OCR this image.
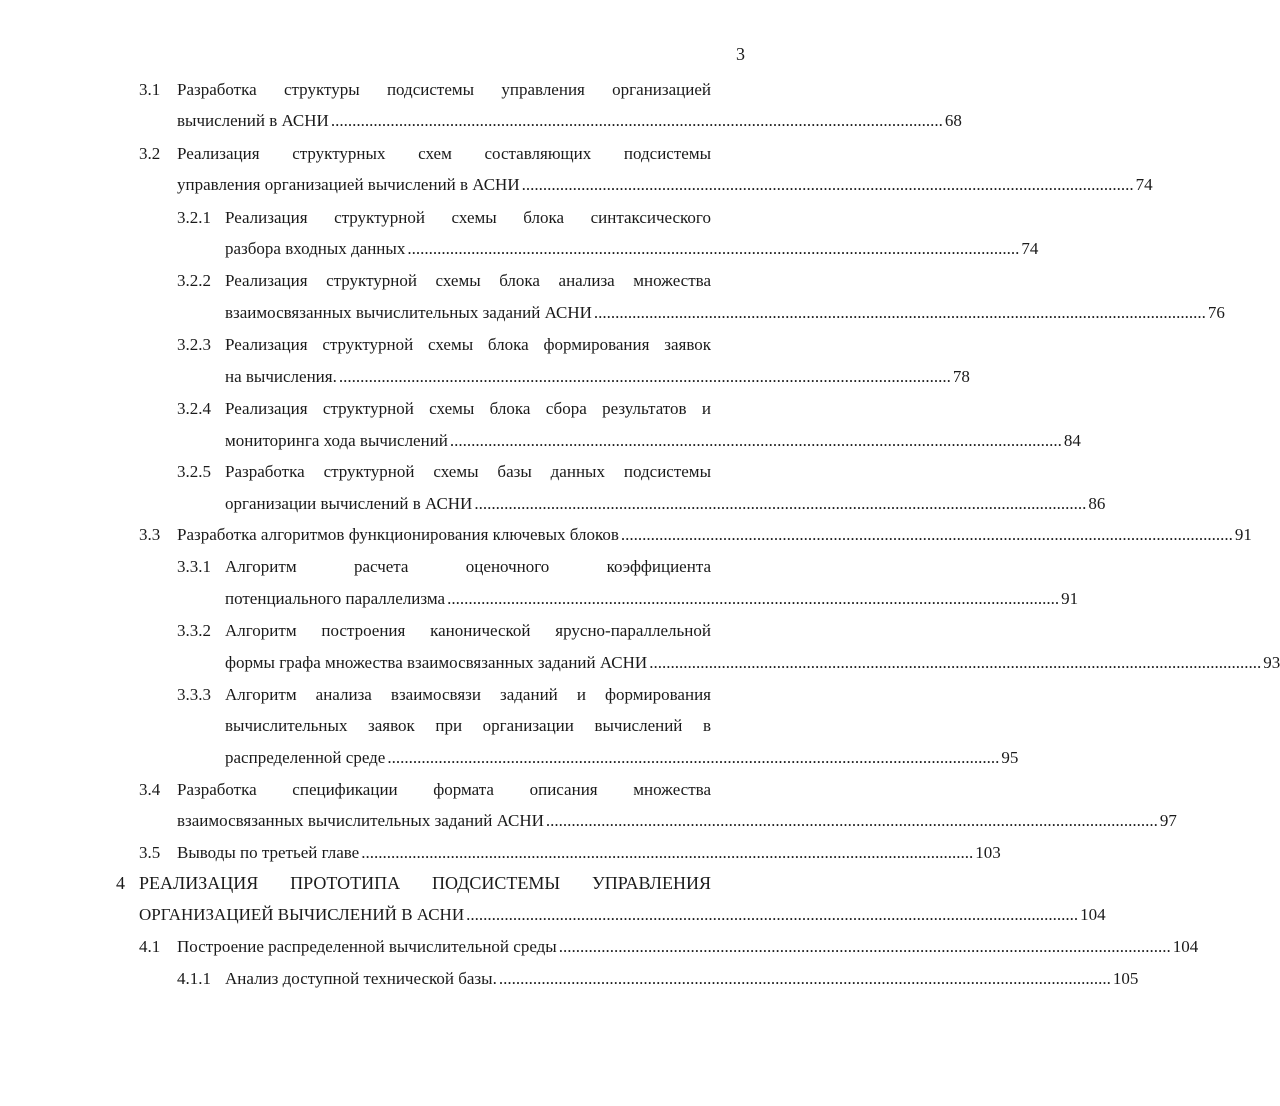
3
3.1 Разработка структуры подсистемы управления организацией
вычислений в АСНИ ................................................................................................................................................ 68
3.2 Реализация структурных схем составляющих подсистемы
управления организацией вычислений в АСНИ ................................................................................................................................................ 74
3.2.1 Реализация структурной схемы блока синтаксического
разбора входных данных ................................................................................................................................................ 74
3.2.2 Реализация структурной схемы блока анализа множества
взаимосвязанных вычислительных заданий АСНИ ................................................................................................................................................ 76
3.2.3 Реализация структурной схемы блока формирования заявок
на вычисления. ................................................................................................................................................ 78
3.2.4 Реализация структурной схемы блока сбора результатов и
мониторинга хода вычислений ................................................................................................................................................ 84
3.2.5 Разработка структурной схемы базы данных подсистемы
организации вычислений в АСНИ ................................................................................................................................................ 86
3.3 Разработка алгоритмов функционирования ключевых блоков ................................................................................................................................................ 91
3.3.1 Алгоритм расчета оценочного коэффициента
потенциального параллелизма ................................................................................................................................................ 91
3.3.2 Алгоритм построения канонической ярусно-параллельной
формы графа множества взаимосвязанных заданий АСНИ ................................................................................................................................................ 93
3.3.3 Алгоритм анализа взаимосвязи заданий и формирования
вычислительных заявок при организации вычислений в
распределенной среде ................................................................................................................................................ 95
3.4 Разработка спецификации формата описания множества
взаимосвязанных вычислительных заданий АСНИ ................................................................................................................................................ 97
3.5 Выводы по третьей главе ................................................................................................................................................ 103
4 РЕАЛИЗАЦИЯ ПРОТОТИПА ПОДСИСТЕМЫ УПРАВЛЕНИЯ
ОРГАНИЗАЦИЕЙ ВЫЧИСЛЕНИЙ В АСНИ ................................................................................................................................................ 104
4.1 Построение распределенной вычислительной среды ................................................................................................................................................ 104
4.1.1 Анализ доступной технической базы. ................................................................................................................................................ 105
